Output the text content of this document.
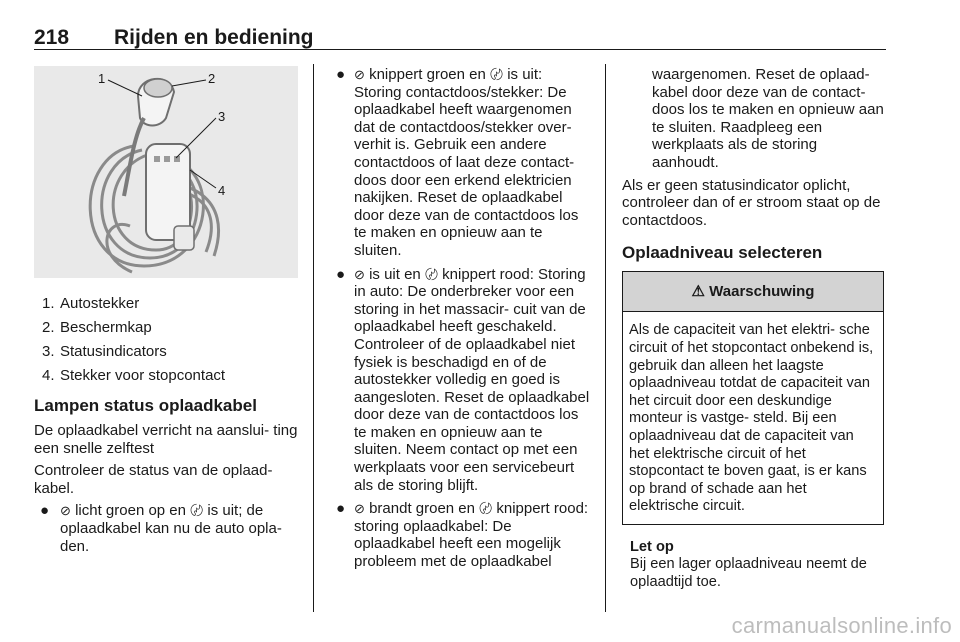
218 Rijden en bediening
1	2
3
4
1. Autostekker
2. Beschermkap
3. Statusindicators
4. Stekker voor stopcontact
Lampen status oplaadkabel

De oplaadkabel verricht na aanslui- ting een snelle zelftest

Controleer de status van de oplaad- kabel.

● ⊘ licht groen op en 〄 is uit; de oplaadkabel kan nu de auto opla- den.
● ⊘ knippert groen en 〄 is uit: Storing contactdoos/stekker: De oplaadkabel heeft waargenomen dat de contactdoos/stekker over- verhit is. Gebruik een andere contactdoos of laat deze contact- doos door een erkend elektricien nakijken. Reset de oplaadkabel door deze van de contactdoos los te maken en opnieuw aan te sluiten.
● ⊘ is uit en 〄 knippert rood: Storing in auto: De onderbreker voor een storing in het massacir- cuit van de oplaadkabel heeft geschakeld. Controleer of de oplaadkabel niet fysiek is beschadigd en of de autostekker volledig en goed is aangesloten. Reset de oplaadkabel door deze van de contactdoos los te maken en opnieuw aan te sluiten. Neem contact op met een werkplaats voor een servicebeurt als de storing blijft.
● ⊘ brandt groen en 〄 knippert rood: storing oplaadkabel: De oplaadkabel heeft een mogelijk probleem met de oplaadkabel

waargenomen. Reset de oplaad- kabel door deze van de contact- doos los te maken en opnieuw aan te sluiten. Raadpleeg een werkplaats als de storing aanhoudt.

Als er geen statusindicator oplicht, controleer dan of er stroom staat op de contactdoos.

Oplaadniveau selecteren
⚠ Waarschuwing
Als de capaciteit van het elektri- sche circuit of het stopcontact onbekend is, gebruik dan alleen het laagste oplaadniveau totdat de capaciteit van het circuit door een deskundige monteur is vastge- steld. Bij een oplaadniveau dat de capaciteit van het elektrische circuit of het stopcontact te boven gaat, is er kans op brand of schade aan het elektrische circuit.
Let op
Bij een lager oplaadniveau neemt de oplaadtijd toe.
carmanualsonline.info
